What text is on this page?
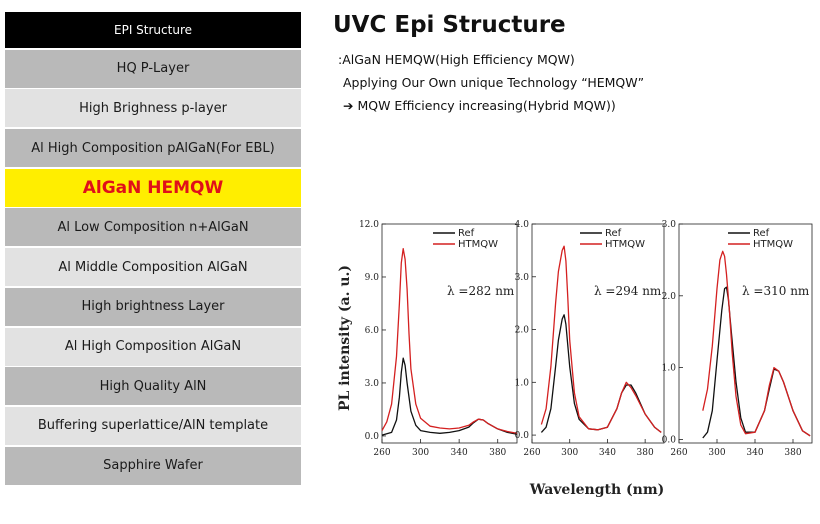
EPI Structure
HQ P-Layer
High Brighness p-layer
Al High Composition pAlGaN(For EBL)
AlGaN HEMQW
Al Low Composition n+AlGaN
Al Middle Composition AlGaN
High brightness Layer
Al High Composition AlGaN
High Quality AlN
Buffering superlattice/AlN template
Sapphire Wafer
UVC Epi Structure
:AlGaN HEMQW(High Efficiency MQW)
Applying Our Own unique Technology “HEMQW”
➔ MQW Efficiency increasing(Hybrid MQW))
260 300 340 380
0.0
3.0
6.0
9.0
12.0
Ref
HTMQW
λ =282 nm
260 300 340 380
0.0
1.0
2.0
3.0
4.0
Ref
HTMQW
λ =294 nm
260 300 340 380
0.0
1.0
2.0
3.0
Ref
HTMQW
λ =310 nm
PL intensity (a. u.)
Wavelength (nm)
